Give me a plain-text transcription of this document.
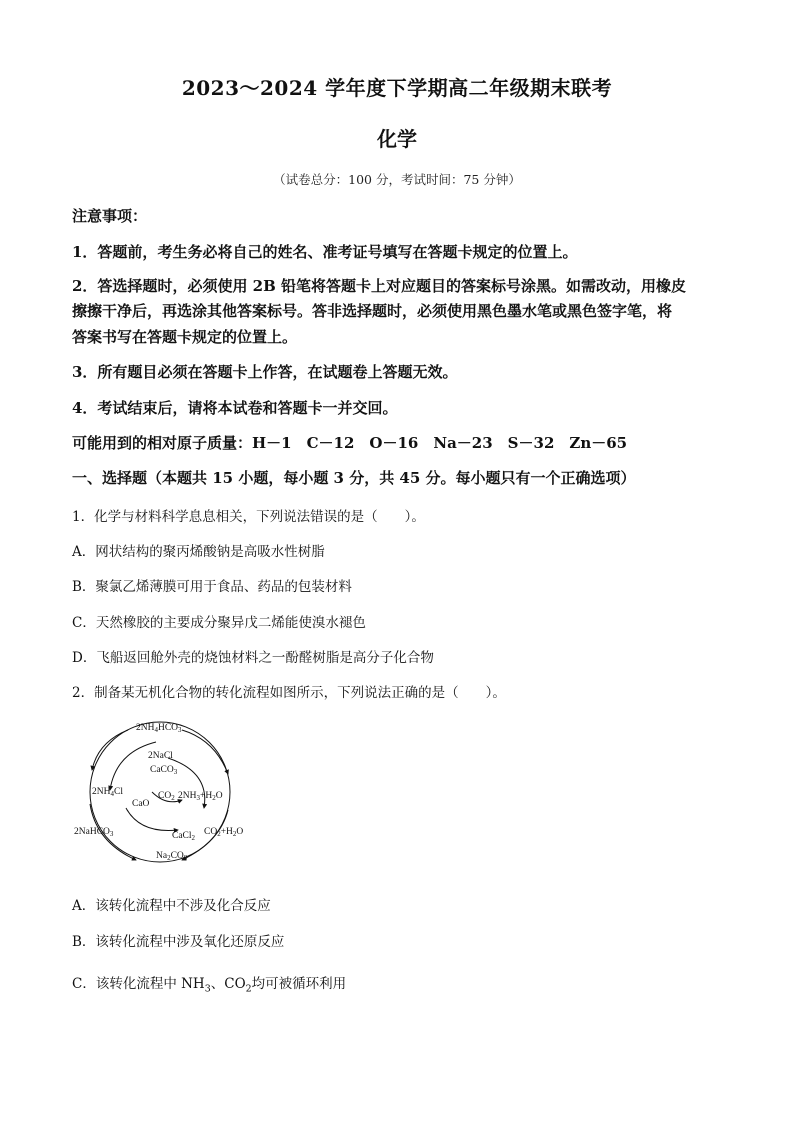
2023～2024 学年度下学期高二年级期末联考
化学
（试卷总分：100 分，考试时间：75 分钟）
注意事项：
1．答题前，考生务必将自己的姓名、准考证号填写在答题卡规定的位置上。
2．答选择题时，必须使用 2B 铅笔将答题卡上对应题目的答案标号涂黑。如需改动，用橡皮
擦擦干净后，再选涂其他答案标号。答非选择题时，必须使用黑色墨水笔或黑色签字笔，将
答案书写在答题卡规定的位置上。
3．所有题目必须在答题卡上作答，在试题卷上答题无效。
4．考试结束后，请将本试卷和答题卡一并交回。
可能用到的相对原子质量：H－1　C－12　O－16　Na－23　S－32　Zn－65
一、选择题（本题共 15 小题，每小题 3 分，共 45 分。每小题只有一个正确选项）
1．化学与材料科学息息相关，下列说法错误的是（　　）。
A．网状结构的聚丙烯酸钠是高吸水性树脂
B．聚氯乙烯薄膜可用于食品、药品的包装材料
C．天然橡胶的主要成分聚异戊二烯能使溴水褪色
D．飞船返回舱外壳的烧蚀材料之一酚醛树脂是高分子化合物
2．制备某无机化合物的转化流程如图所示，下列说法正确的是（　　）。
$2NH_4HCO_3$
2NaCl
CaCO$_3$
$2NH_4Cl$	$CO_2$ $2NH_3+H_2O$
CaO
2NaHCO$_3$	CaCl$_2$
$CO_2+H_2O$
$Na_2CO_3$
A．该转化流程中不涉及化合反应
B．该转化流程中涉及氧化还原反应
C．该转化流程中 $NH_3$、$CO_2$均可被循环利用
